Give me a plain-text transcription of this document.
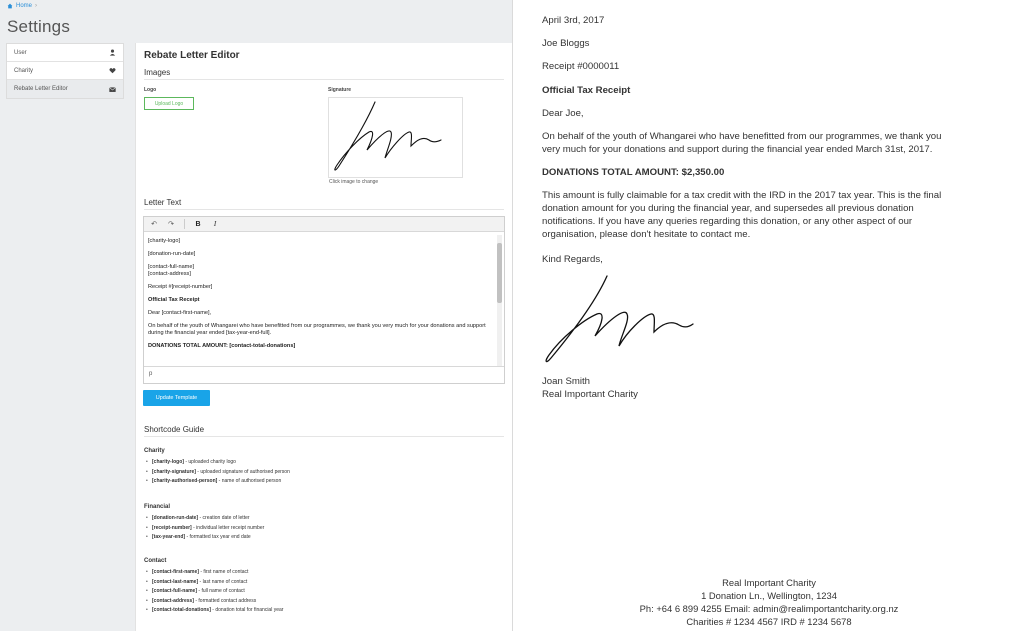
Home ›
Settings
User
Charity
Rebate Letter Editor
Rebate Letter Editor
Images
Logo
Upload Logo
Signature
Click image to change
Letter Text
↶ ↷	B	I

[charity-logo]

[donation-run-date]

[contact-full-name]

[contact-address]

Receipt #[receipt-number]

Official Tax Receipt

Dear [contact-first-name],

On behalf of the youth of Whangarei who have benefitted from our programmes, we thank you very much for your donations and support during the financial year ended [tax-year-end-full].

DONATIONS TOTAL AMOUNT: [contact-total-donations]

p
Update Template
Shortcode Guide
Charity
• [charity-logo] - uploaded charity logo
• [charity-signature] - uploaded signature of authorised person
• [charity-authorised-person] - name of authorised person
Financial
• [donation-run-date] - creation date of letter
• [receipt-number] - individual letter receipt number
• [tax-year-end] - formatted tax year end date
Contact
• [contact-first-name] - first name of contact
• [contact-last-name] - last name of contact
• [contact-full-name] - full name of contact
• [contact-address] - formatted contact address
• [contact-total-donations] - donation total for financial year
April 3rd, 2017
Joe Bloggs
Receipt #0000011
Official Tax Receipt
Dear Joe,
On behalf of the youth of Whangarei who have benefitted from our programmes, we thank you
very much for your donations and support during the financial year ended March 31st, 2017.
DONATIONS TOTAL AMOUNT: $2,350.00
This amount is fully claimable for a tax credit with the IRD in the 2017 tax year. This is the final
donation amount for you during the financial year, and supersedes all previous donation
notifications. If you have any queries regarding this donation, or any other aspect of our
organisation, please don't hesitate to contact me.
Kind Regards,
Joan Smith
Real Important Charity
Real Important Charity
1 Donation Ln., Wellington, 1234
Ph: +64 6 899 4255 Email: admin@realimportantcharity.org.nz
Charities # 1234 4567 IRD # 1234 5678
